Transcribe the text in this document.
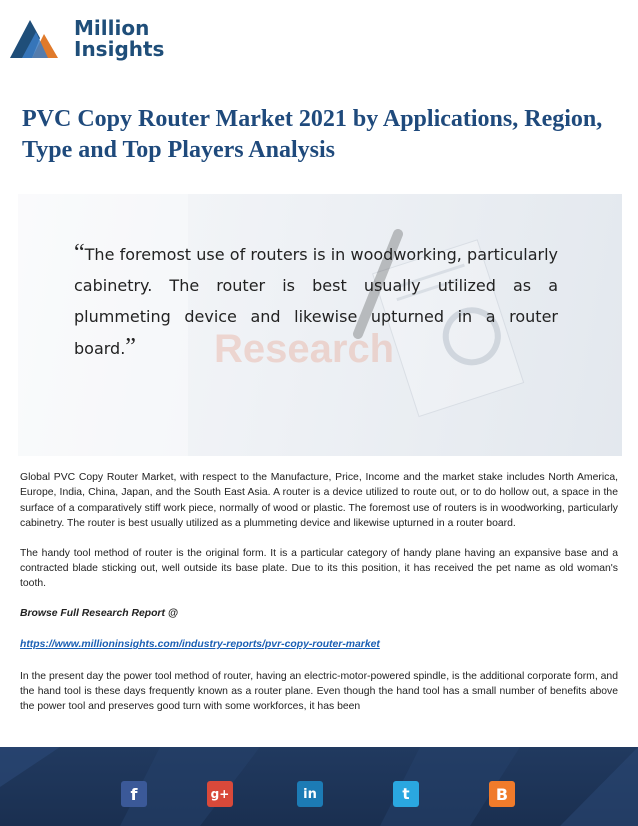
Million
Insights
PVC Copy Router Market 2021 by Applications, Region, Type and Top Players Analysis
Research

“The foremost use of routers is in woodworking, particularly cabinetry. The router is best usually utilized as a plummeting device and likewise upturned in a router board.”

Global PVC Copy Router Market, with respect to the Manufacture, Price, Income and the market stake includes North America, Europe, India, China, Japan, and the South East Asia. A router is a device utilized to route out, or to do hollow out, a space in the surface of a comparatively stiff work piece, normally of wood or plastic. The foremost use of routers is in woodworking, particularly cabinetry. The router is best usually utilized as a plummeting device and likewise upturned in a router board.

The handy tool method of router is the original form. It is a particular category of handy plane having an expansive base and a contracted blade sticking out, well outside its base plate. Due to its this position, it has received the pet name as old woman's tooth.

Browse Full Research Report @

https://www.millioninsights.com/industry-reports/pvr-copy-router-market

In the present day the power tool method of router, having an electric-motor-powered spindle, is the additional corporate form, and the hand tool is these days frequently known as a router plane. Even though the hand tool has a small number of benefits above the power tool and preserves good turn with some workforces, it has been

f	g+	in	t	B
